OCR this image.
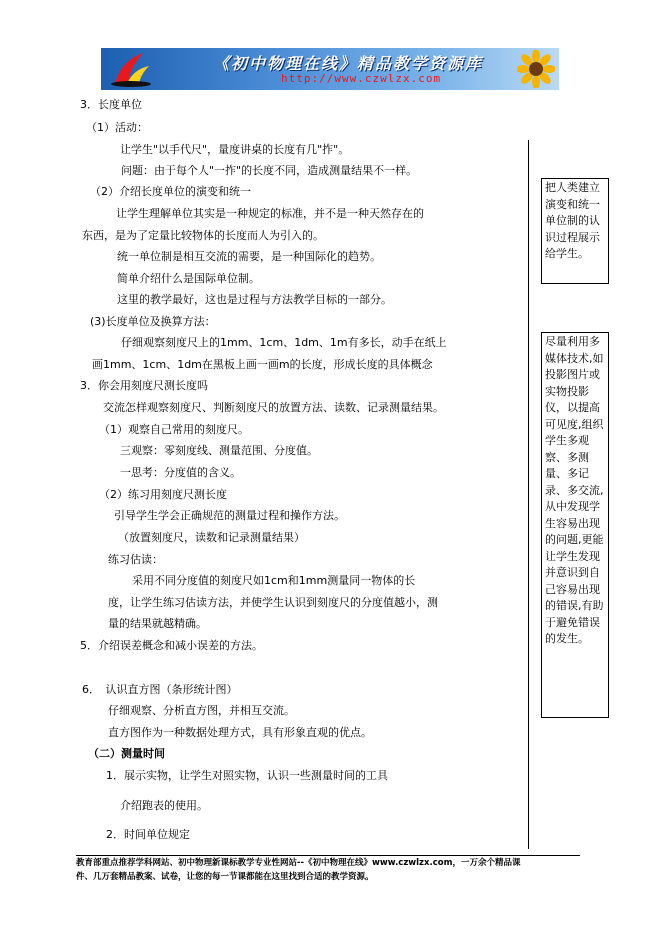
《初中物理在线》精品教学资源库
http://www.czwlzx.com
3．长度单位
（1）活动：
让学生"以手代尺"，量度讲桌的长度有几"拃"。
问题：由于每个人"一拃"的长度不同，造成测量结果不一样。
（2）介绍长度单位的演变和统一
让学生理解单位其实是一种规定的标准，并不是一种天然存在的
东西，是为了定量比较物体的长度而人为引入的。
统一单位制是相互交流的需要，是一种国际化的趋势。
简单介绍什么是国际单位制。
这里的教学最好，这也是过程与方法教学目标的一部分。
(3)长度单位及换算方法：
仔细观察刻度尺上的1mm、1cm、1dm、1m有多长，动手在纸上
画1mm、1cm、1dm在黑板上画一画m的长度，形成长度的具体概念
3．你会用刻度尺测长度吗
交流怎样观察刻度尺、判断刻度尺的放置方法、读数、记录测量结果。
（1）观察自己常用的刻度尺。
三观察：零刻度线、测量范围、分度值。
一思考：分度值的含义。
（2）练习用刻度尺测长度
引导学生学会正确规范的测量过程和操作方法。
（放置刻度尺，读数和记录测量结果）
练习估读：
采用不同分度值的刻度尺如1cm和1mm测量同一物体的长
度，让学生练习估读方法，并使学生认识到刻度尺的分度值越小，测
量的结果就越精确。
5．介绍误差概念和减小误差的方法。
6．　认识直方图（条形统计图）
仔细观察、分析直方图，并相互交流。
直方图作为一种数据处理方式，具有形象直观的优点。
（二）测量时间
1．展示实物，让学生对照实物，认识一些测量时间的工具
介绍跑表的使用。
2．时间单位规定
把人类建立演变和统一单位制的认识过程展示给学生。
尽量利用多媒体技术,如投影图片或实物投影仪，以提高可见度,组织学生多观察、多测量、多记录、多交流,从中发现学生容易出现的问题,更能让学生发现并意识到自己容易出现的错误,有助于避免错误的发生。
教育部重点推荐学科网站、初中物理新课标教学专业性网站--《初中物理在线》www.czwlzx.com，一万余个精品课
件、几万套精品教案、试卷，让您的每一节课都能在这里找到合适的教学资源。
